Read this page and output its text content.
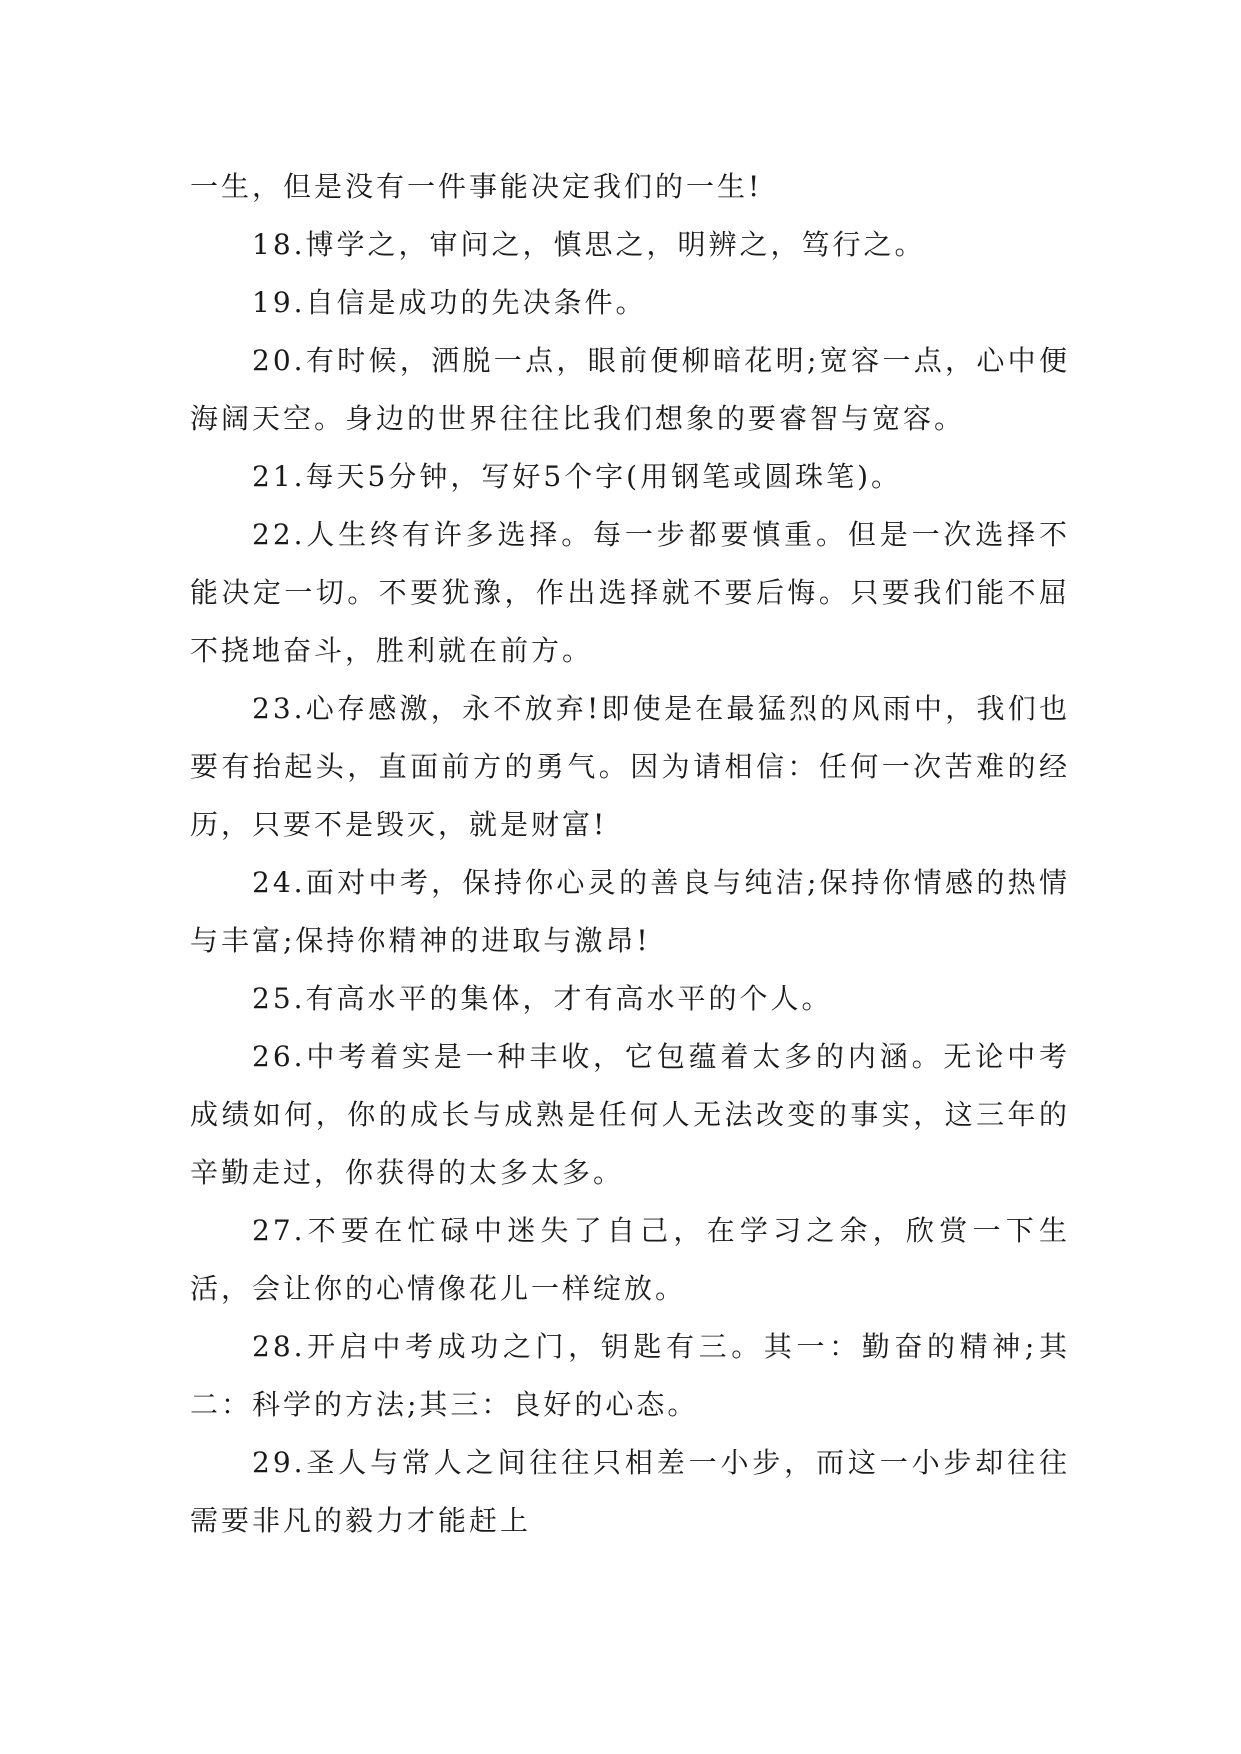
一生，但是没有一件事能决定我们的一生!

18.博学之，审问之，慎思之，明辨之，笃行之。

19.自信是成功的先决条件。

20.有时候，洒脱一点，眼前便柳暗花明;宽容一点，心中便海阔天空。身边的世界往往比我们想象的要睿智与宽容。

21.每天5分钟，写好5个字(用钢笔或圆珠笔)。

22.人生终有许多选择。每一步都要慎重。但是一次选择不能决定一切。不要犹豫，作出选择就不要后悔。只要我们能不屈不挠地奋斗，胜利就在前方。

23.心存感激，永不放弃!即使是在最猛烈的风雨中，我们也要有抬起头，直面前方的勇气。因为请相信：任何一次苦难的经历，只要不是毁灭，就是财富!

24.面对中考，保持你心灵的善良与纯洁;保持你情感的热情与丰富;保持你精神的进取与激昂!

25.有高水平的集体，才有高水平的个人。

26.中考着实是一种丰收，它包蕴着太多的内涵。无论中考成绩如何，你的成长与成熟是任何人无法改变的事实，这三年的辛勤走过，你获得的太多太多。

27.不要在忙碌中迷失了自己，在学习之余，欣赏一下生活，会让你的心情像花儿一样绽放。

28.开启中考成功之门，钥匙有三。其一：勤奋的精神;其二：科学的方法;其三：良好的心态。

29.圣人与常人之间往往只相差一小步，而这一小步却往往需要非凡的毅力才能赶上
